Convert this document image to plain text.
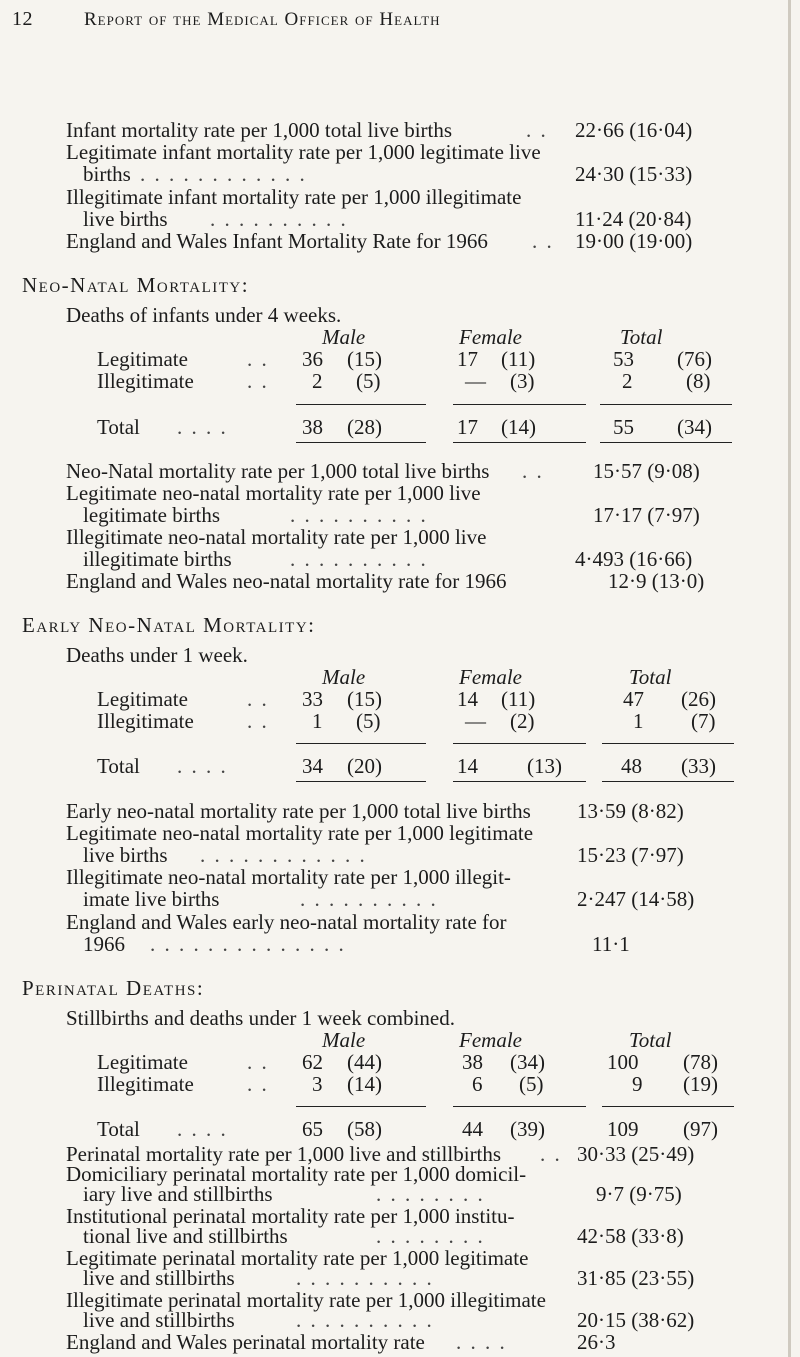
12	Report of the Medical Officer of Health
Infant mortality rate per 1,000 total live births	. . 22·66 (16·04)
Legitimate infant mortality rate per 1,000 legitimate live
births . . . . . . . . . . . .	24·30 (15·33)
Illegitimate infant mortality rate per 1,000 illegitimate
live births . . . . . . . . . .	11·24 (20·84)
England and Wales Infant Mortality Rate for 1966 . . 19·00 (19·00)
Neo-Natal Mortality:
Deaths of infants under 4 weeks.
Male	Female	Total
Legitimate	. . 36 (15)	17 (11)	53 (76)
Illegitimate	. . 2 (5)	— (3)	2	(8)
Total . . . .	38 (28)	17 (14)	55 (34)
Neo-Natal mortality rate per 1,000 total live births . . 15·57 (9·08)
Legitimate neo-natal mortality rate per 1,000 live
legitimate births	. . . . . . . . . .	17·17 (7·97)
Illegitimate neo-natal mortality rate per 1,000 live
illegitimate births	. . . . . . . . . .	4·493 (16·66)
England and Wales neo-natal mortality rate for 1966	12·9 (13·0)
Early Neo-Natal Mortality:
Deaths under 1 week.
Male	Female	Total
Legitimate	. . 33 (15)	14 (11)	47 (26)
Illegitimate	. . 1 (5)	— (2)	1 (7)
Total . . . .	34 (20)	14 (13)	48 (33)
Early neo-natal mortality rate per 1,000 total live births 13·59 (8·82)
Legitimate neo-natal mortality rate per 1,000 legitimate
live births . . . . . . . . . . . .	15·23 (7·97)
Illegitimate neo-natal mortality rate per 1,000 illegit-
imate live births	. . . . . . . . . .	2·247 (14·58)
England and Wales early neo-natal mortality rate for
1966 . . . . . . . . . . . . . .	11·1
Perinatal Deaths:
Stillbirths and deaths under 1 week combined.
Male	Female	Total
Legitimate	. . 62 (44)	38 (34)	100 (78)
Illegitimate	. . 3 (14)	6 (5)	9 (19)
Total . . . .	65 (58)	44 (39)	109 (97)
Perinatal mortality rate per 1,000 live and stillbirths . . 30·33 (25·49)
Domiciliary perinatal mortality rate per 1,000 domicil-
iary live and stillbirths	. . . . . . . .	9·7 (9·75)
Institutional perinatal mortality rate per 1,000 institu-
tional live and stillbirths	. . . . . . . .	42·58 (33·8)
Legitimate perinatal mortality rate per 1,000 legitimate
live and stillbirths	. . . . . . . . . .	31·85 (23·55)
Illegitimate perinatal mortality rate per 1,000 illegitimate
live and stillbirths	. . . . . . . . . .	20·15 (38·62)
England and Wales perinatal mortality rate . . . .	26·3
